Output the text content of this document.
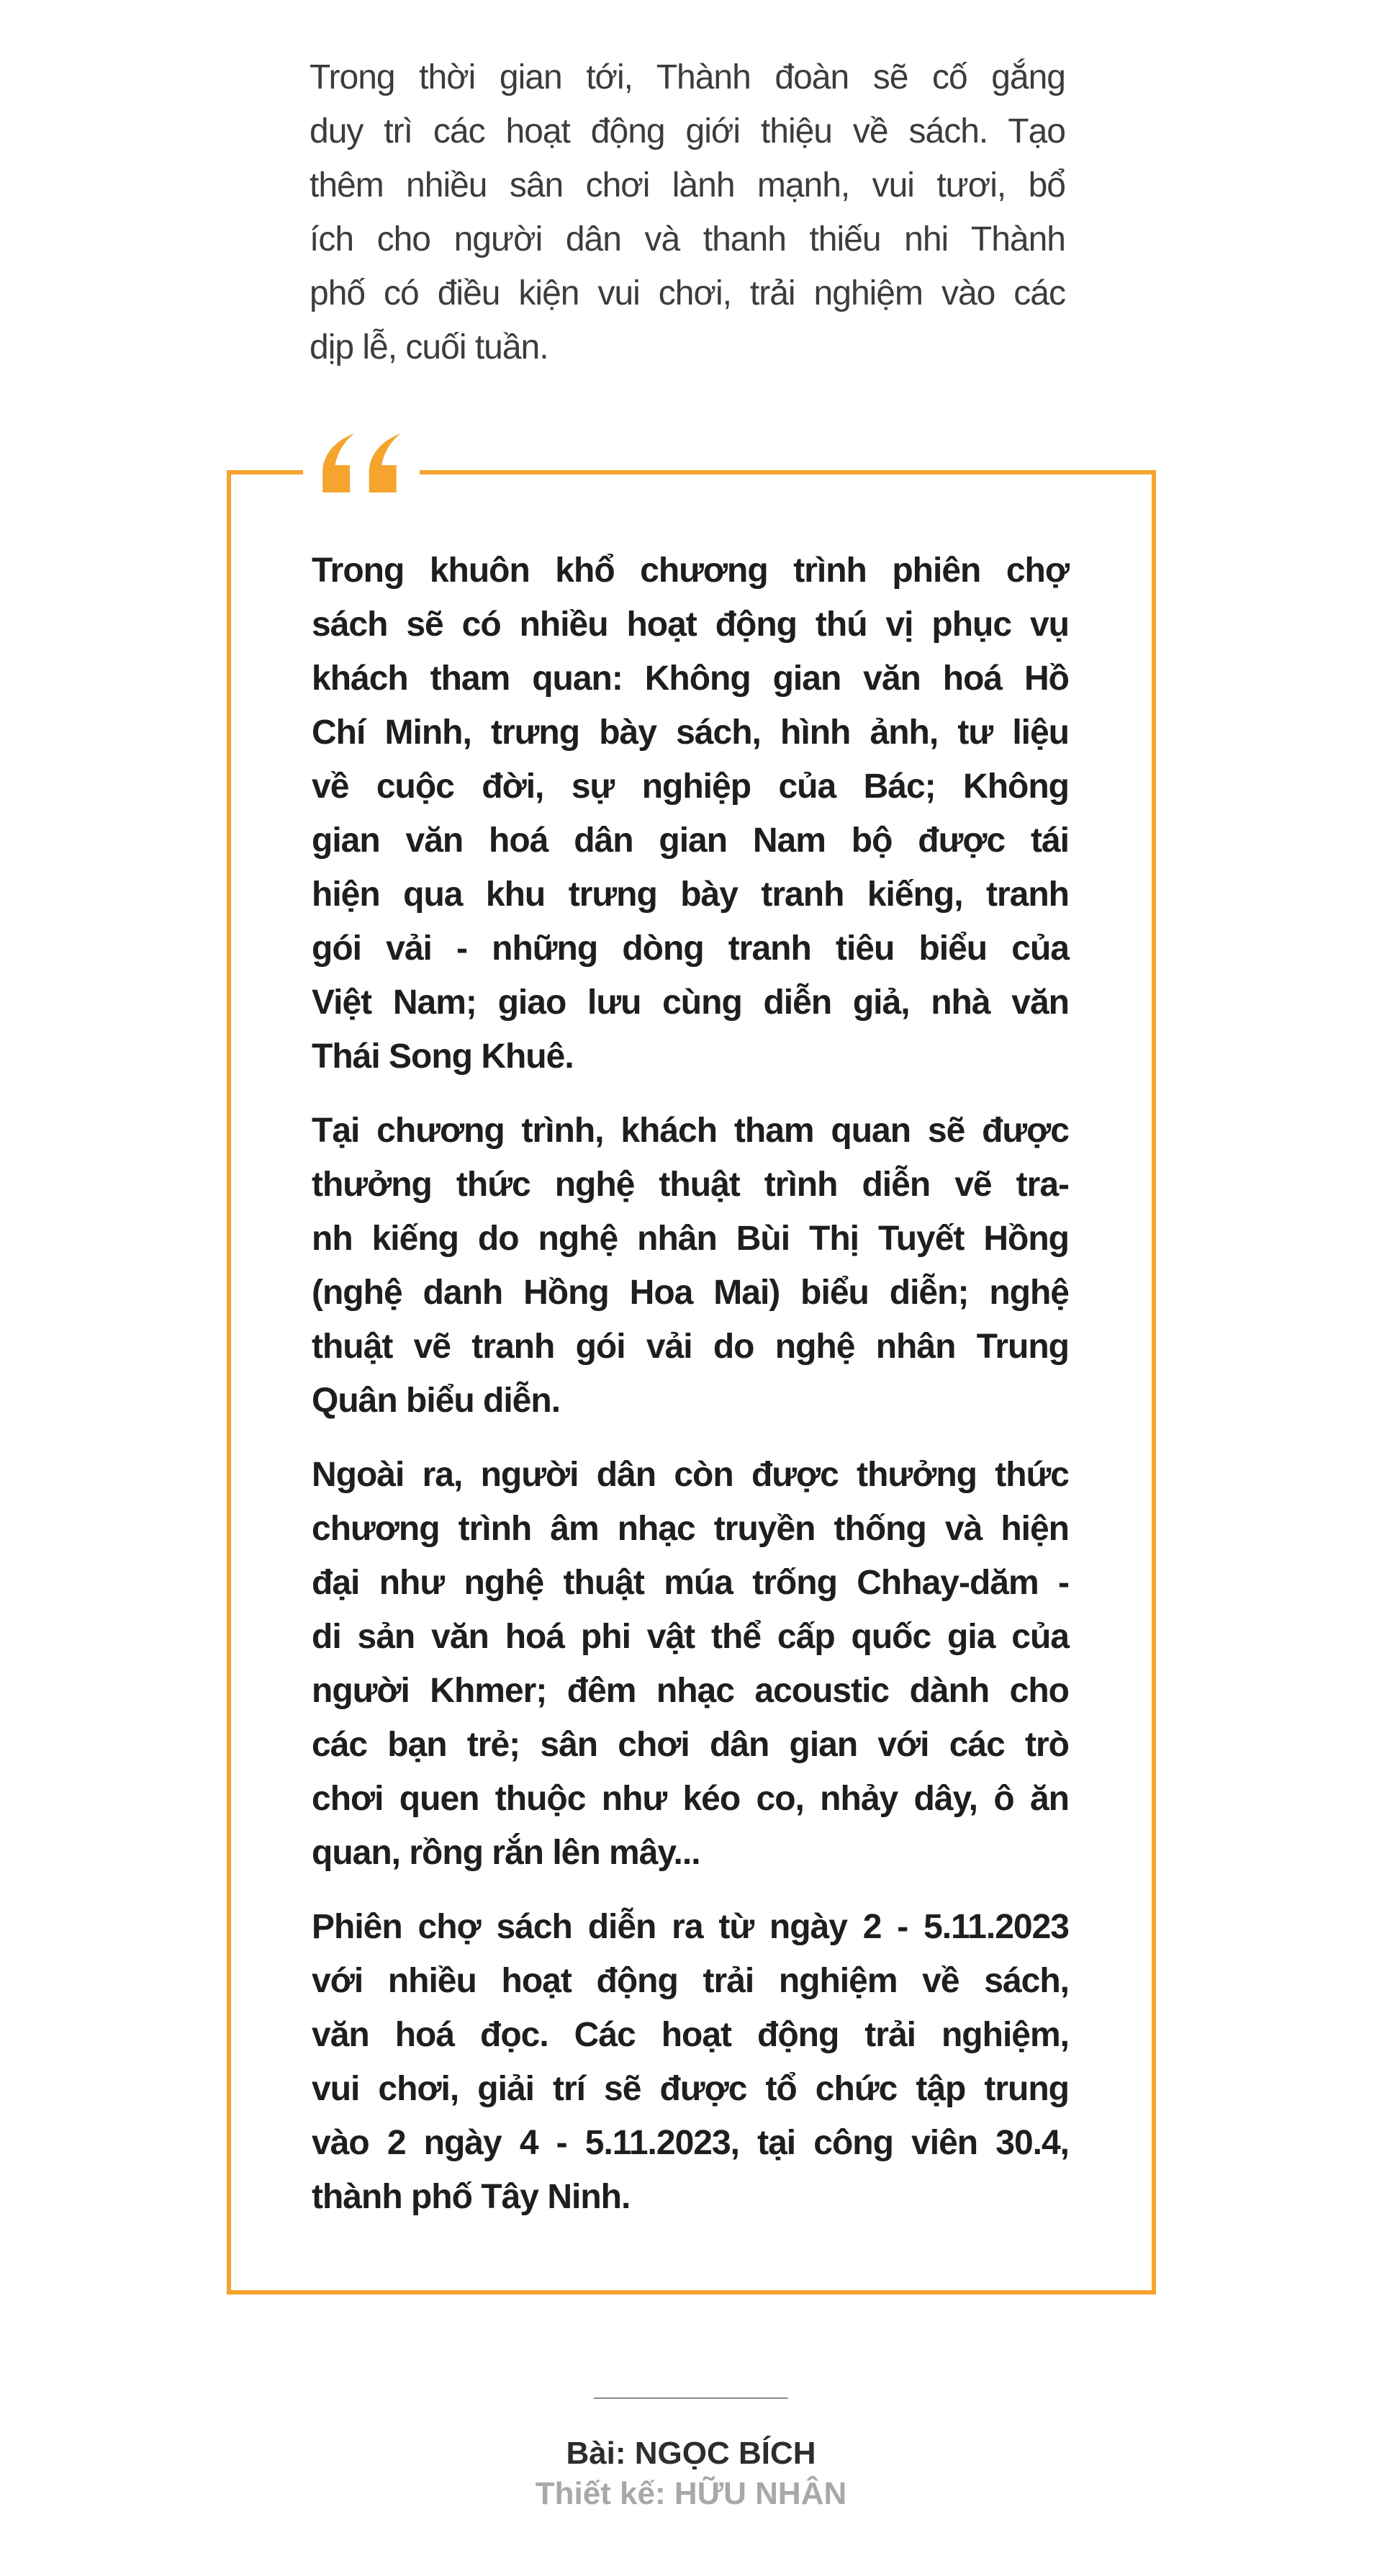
Trong thời gian tới, Thành đoàn sẽ cố gắng
duy trì các hoạt động giới thiệu về sách. Tạo
thêm nhiều sân chơi lành mạnh, vui tươi, bổ
ích cho người dân và thanh thiếu nhi Thành
phố có điều kiện vui chơi, trải nghiệm vào các
dịp lễ, cuối tuần.
Trong khuôn khổ chương trình phiên chợ
sách sẽ có nhiều hoạt động thú vị phục vụ
khách tham quan: Không gian văn hoá Hồ
Chí Minh, trưng bày sách, hình ảnh, tư liệu
về cuộc đời, sự nghiệp của Bác; Không
gian văn hoá dân gian Nam bộ được tái
hiện qua khu trưng bày tranh kiếng, tranh
gói vải - những dòng tranh tiêu biểu của
Việt Nam; giao lưu cùng diễn giả, nhà văn
Thái Song Khuê.
Tại chương trình, khách tham quan sẽ được
thưởng thức nghệ thuật trình diễn vẽ tra-
nh kiếng do nghệ nhân Bùi Thị Tuyết Hồng
(nghệ danh Hồng Hoa Mai) biểu diễn; nghệ
thuật vẽ tranh gói vải do nghệ nhân Trung
Quân biểu diễn.
Ngoài ra, người dân còn được thưởng thức
chương trình âm nhạc truyền thống và hiện
đại như nghệ thuật múa trống Chhay-dăm -
di sản văn hoá phi vật thể cấp quốc gia của
người Khmer; đêm nhạc acoustic dành cho
các bạn trẻ; sân chơi dân gian với các trò
chơi quen thuộc như kéo co, nhảy dây, ô ăn
quan, rồng rắn lên mây...
Phiên chợ sách diễn ra từ ngày 2 - 5.11.2023
với nhiều hoạt động trải nghiệm về sách,
văn hoá đọc. Các hoạt động trải nghiệm,
vui chơi, giải trí sẽ được tổ chức tập trung
vào 2 ngày 4 - 5.11.2023, tại công viên 30.4,
thành phố Tây Ninh.
Bài: NGỌC BÍCH
Thiết kế: HỮU NHÂN
